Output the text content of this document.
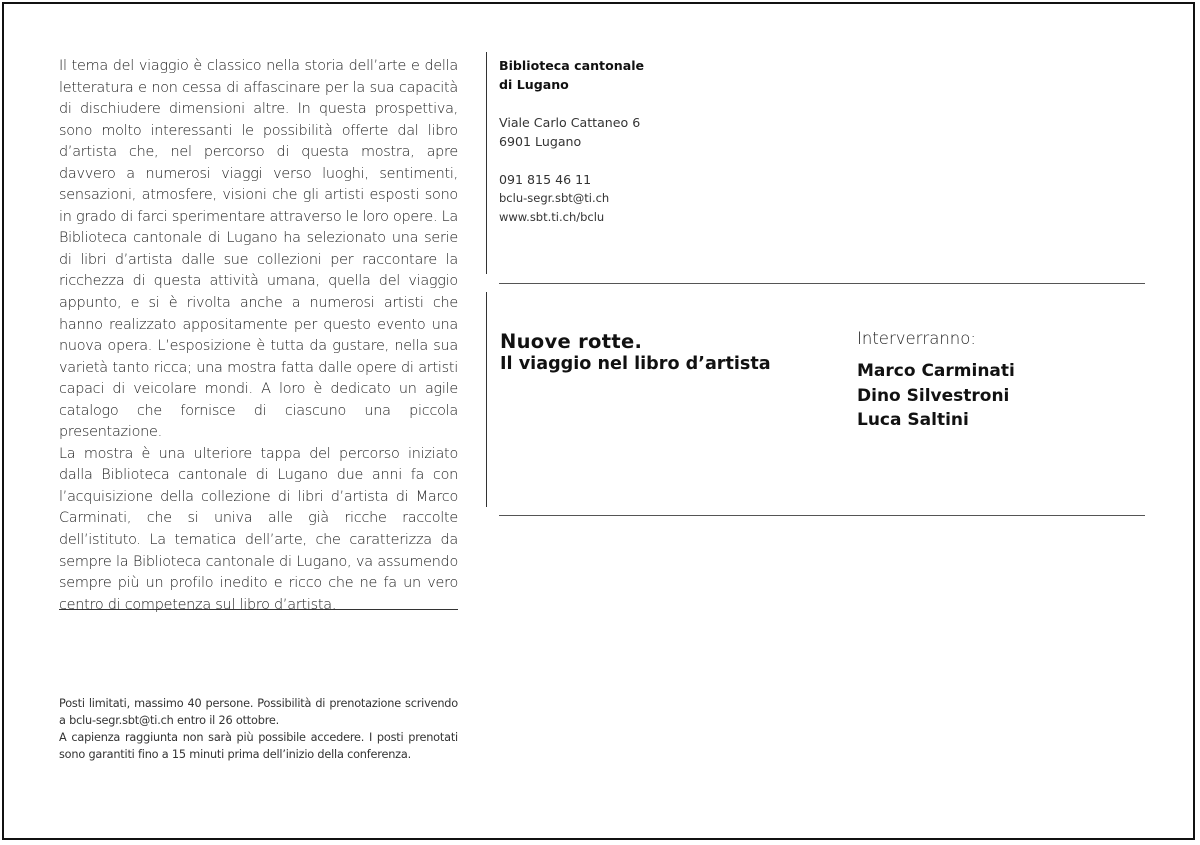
Il tema del viaggio è classico nella storia dell’arte e della letteratura e non cessa di affascinare per la sua capacità di dischiudere dimensioni altre. In questa prospettiva, sono molto interessanti le possibilità offerte dal libro d’artista che, nel percorso di questa mostra, apre davvero a numerosi viaggi verso luoghi, sentimenti, sensazioni, atmosfere, visioni che gli artisti esposti sono in grado di farci sperimentare attraverso le loro opere. La Biblioteca cantonale di Lugano ha selezionato una serie di libri d’artista dalle sue collezioni per raccontare la ricchezza di questa attività umana, quella del viaggio appunto, e si è rivolta anche a numerosi artisti che hanno realizzato appositamente per questo evento una nuova opera. L’esposizione è tutta da gustare, nella sua varietà tanto ricca; una mostra fatta dalle opere di artisti capaci di veicolare mondi. A loro è dedicato un agile catalogo che fornisce di ciascuno una piccola presentazione.

La mostra è una ulteriore tappa del percorso iniziato dalla Biblioteca cantonale di Lugano due anni fa con l’acquisizione della collezione di libri d’artista di Marco Carminati, che si univa alle già ricche raccolte dell’istituto. La tematica dell’arte, che caratterizza da sempre la Biblioteca cantonale di Lugano, va assumendo sempre più un profilo inedito e ricco che ne fa un vero centro di competenza sul libro d’artista.

Posti limitati, massimo 40 persone. Possibilità di prenotazione scrivendo a bclu-segr.sbt@ti.ch entro il 26 ottobre.

A capienza raggiunta non sarà più possibile accedere. I posti prenotati sono garantiti fino a 15 minuti prima dell’inizio della conferenza.

Biblioteca cantonale
di Lugano
Viale Carlo Cattaneo 6
6901 Lugano
091 815 46 11
bclu-segr.sbt@ti.ch
www.sbt.ti.ch/bclu
Nuove rotte.
Il viaggio nel libro d’artista
Interverranno:
Marco Carminati
Dino Silvestroni
Luca Saltini
